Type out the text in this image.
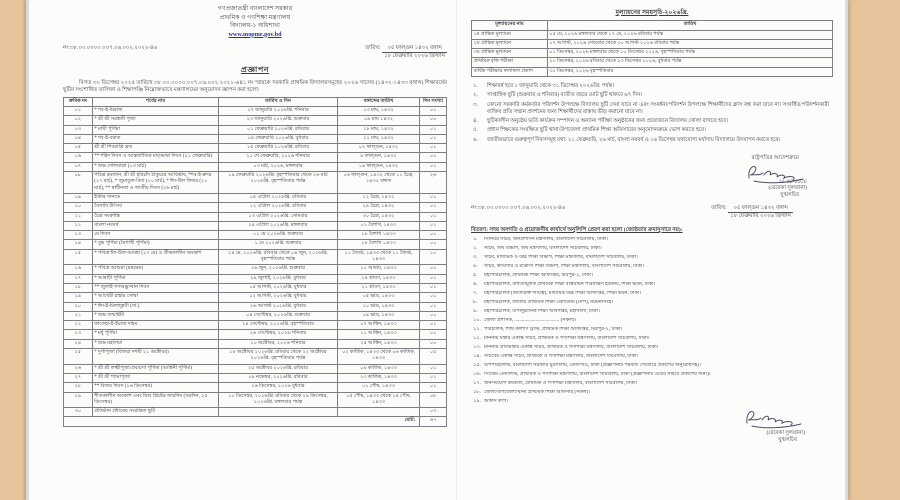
গণপ্রজাতন্ত্রী বাংলাদেশ সরকার
প্রাথমিক ও গণশিক্ষা মন্ত্রণালয়
বিদ্যালয়-১ অধিশাখা
www.mopme.gov.bd
নং:৩৮.০০.০০০০.০০৭.০৬.০০২.২০২২-৪৬	তারিখ: $\frac{\text{০৫ ফাল্গুন ১৪৩২ বঙ্গাব্দ}}{\text{১৮ ফেব্রুয়ারি ২০২৬ খ্রিস্টাব্দ}}$
প্রজ্ঞাপন
বিগত ৩০ ডিসেম্বর ২০২৫ তারিখে ৩৮.০০.০০০০.০০৭.০৬.০০২.২০২১-৬৪১ নং স্মারকে সরকারি প্রাথমিক বিদ্যালয়সমূহের ২০২৬ সালের (১৪৩২-১৪৩৩ বঙ্গাব্দ) শিক্ষাবর্ষের ছুটির সংশোধিত তালিকা ও শিক্ষাপঞ্জি নিম্নোক্তভাবে মন্ত্রণালয়ের অনুমোদন জ্ঞাপন করা হলো:
ক্রমিক নং	পর্বের নাম	তারিখ ও দিন	বঙ্গাব্দের তারিখ	দিন সংখ্যা
০১	* শব-ই-মিরাজ	১৭ জানুয়ারি ২০২৬খ্রি. শনিবার	০৩ মাঘ, ১৪৩২	০০
০২	* শ্রী শ্রী সরস্বতী পূজা	২৩ জানুয়ারি ২০২৬খ্রি. শুক্রবার	০৯ মাঘ ১৪৩২	০০
০৩	* মাঘী পূর্ণিমা	০১ ফেব্রুয়ারি ২০২৬খ্রি. রবিবার	১৮ মাঘ, ১৪৩২	০১
০৪	* শব-ই-বরাত	০৪ ফেব্রুয়ারি ২০২৬খ্রি. বুধবার	২২ মাঘ, ১৪৩২	০১
০৫	শ্রী শ্রী শিবরাত্রি ব্রত	১৫ ফেব্রুয়ারি ২০২৬খ্রি. রবিবার	০২ ফাল্গুন, ১৪৩২	০১
০৬	** শহিদ দিবস ও আন্তর্জাতিক মাতৃভাষা দিবস (২১ ফেব্রুয়ারি)	২১ শে ফেব্রুয়ারি, ২০২৬ শনিবার	৮ ফাল্গুন, ১৪৩২	০০
০৭	* শুভ দোলযাত্রা (০৩ মার্চ)	০৩ মার্চ, ২০২৬, মঙ্গলবার	১৯ ফাল্গুন, ১৪৩২	০১
০৮	পবিত্র রমজান, শ্রী শ্রী হরিচাঁদ ঠাকুরের আবির্ভাব, *শব-ই-ক্বদর (১৭ মার্চ), * জুমাতুল-বিদা (২০ মার্চ), * ঈদ-উল ফিতর (২১ মার্চ), ** স্বাধীনতা ও জাতীয় দিবস (২৬ মার্চ)	১৯ ফেব্রুয়ারি ২০২৬খ্রি. বৃহস্পতিবার থেকে ২৬ মার্চ ২০২৬খ্রি. বৃহস্পতিবার পর্যন্ত	০৬ ফাল্গুন, ১৪৩২ থেকে ১২ চৈত্র, ১৪৩২ বঙ্গাব্দ	২৬
০৯	ইস্টার সানডে	০৫ এপ্রিল ২০২৬খ্রি. রবিবার	২২ চৈত্র, ১৪৩২	০১
১০	বৈসাবি উৎসব	১২ এপ্রিল ২০২৬খ্রি. রবিবার	২৯ চৈত্র, ১৪৩২	০১
১১	চৈত্র সংক্রান্তি	১৩ এপ্রিল ২০২৬খ্রি. সোমবার	৩০ চৈত্র, ১৪৩২	০১
১২	বাংলা নববর্ষ	১৪ এপ্রিল ২০২৬খ্রি. মঙ্গলবার	০১ বৈশাখ, ১৪৩৩	০১
১৩	মে দিবস	০১ মে ২০২৬খ্রি. শুক্রবার	১৮ বৈশাখ ১৪৩৩	০০
১৪	* বুদ্ধ পূর্ণিমা (বৈশাখী পূর্ণিমা)	১ মে ২০২৬খ্রি. শুক্রবার	১৮ বৈশাখ ১৪৩৩	০০
১৫	* পবিত্র ঈদ-উল-আযহা (২৭ মে) ও গ্রীষ্মকালীন অবকাশ	২৪ মে, ২০২৬খ্রি. রবিবার থেকে ০৪ জুন, ২০২৬খ্রি. বৃহস্পতিবার পর্যন্ত	১০ জ্যৈষ্ঠ, ১৪৩৩ থেকে ২১ জ্যৈষ্ঠ, ১৪৩৩	১০
১৬	* পবিত্র আশুরা (মহররম)	২৬ জুন, ২০২৬খ্রি. শুক্রবার	১২ আষাঢ়, ১৪৩৩	০০
১৭	* আষাঢ়ী পূর্ণিমা	২৯ জুলাই, ২০২৬খ্রি. বুধবার	১৪ শ্রাবণ, ১৪৩৩	০১
১৮	** জুলাই গণঅভ্যুত্থান দিবস	০৫ আগস্ট, ২০২৬খ্রি. বুধবার	২১ শ্রাবণ, ১৪৩৩	০১
১৯	* আখেরী চাহার সোম্বা	১২ আগস্ট, ২০২৬খ্রি. বুধবার	০৫ ভাদ্র, ১৪৩৩	০১
২০	* ঈদ-ই-মিলাদুন্নবী (সা.)	২৬ আগস্ট ২০২৬খ্রি. বুধবার	১০ ভাদ্র, ১৪৩৩	০১
২১	* শুভ জন্মাষ্টমী	০৪ সেপ্টেম্বর, ২০২৬খ্রি. শুক্রবার	০৯ ভাদ্র, ১৪৩৩	০০
২২	ফাতেহা-ই-ইয়াজ দাহম	২৪ সেপ্টেম্বর, ২০২৬খ্রি. বৃহস্পতিবার	০৭ আশ্বিন, ১৪৩৩	০১
২৩	* মধু পূর্ণিমা	২৬ সেপ্টেম্বর, ২০২৬ শনিবার	১১ আশ্বিন, ১৪৩৩	০০
২৪	* শুভ মহালয়া	১০ অক্টোবর, ২০২৬ শনিবার	২৫ আশ্বিন, ১৪৩৩	০০
২৫	* দুর্গাপূজা (বিজয়া দশমী ২১ অক্টোবর)	১৮ অক্টোবর ২০২৬খ্রি. রবিবার থেকে ২২ অক্টোবর ২০২৬খ্রি. বৃহস্পতিবার পর্যন্ত	০২ কার্তিক, ১৪৩৩ থেকে ০৬ কার্তিক, ১৪৩৩	০৫
২৬	* শ্রী শ্রী লক্ষ্মীপূজা/প্রবারণা পূর্ণিমা (আশ্বিনী পূর্ণিমা)	২৫ অক্টোবর ২০২৬খ্রি. রবিবার	০৯ কার্তিক, ১৪৩৩	০১
২৭	* শ্রী শ্রী শ্যামাপূজা	০৮ নভেম্বর, ২০২৬খ্রি. রবিবার	২৩ কার্তিক, ১৪৩৩	০১
২৮	** বিজয় দিবস (১৬ ডিসেম্বর)	১৬ ডিসেম্বর, ২০২৬ বুধবার	০১ পৌষ, ১৪৩৩	০১
২৯	শীতকালীন অবকাশ এবং যিশু খ্রিষ্টের জন্মদিন (বড়দিন, ২৫ ডিসেম্বর)	২০ ডিসেম্বর, ২০২৬খ্রি. রবিবার থেকে ২৯ ডিসেম্বর, ২০২৬খ্রি. মঙ্গলবার পর্যন্ত	০৫ পৌষ, ১৪৩৩ থেকে ১৪ পৌষ, ১৪৩৩	০৮
৩০	প্রতিষ্ঠান প্রধানের সংরক্ষিত ছুটি			০৩
মোট:				৬৭
মূল্যায়নের সময়সূচি-২০২৬খ্রি.
মূল্যায়নের নাম	তারিখ
১ম প্রান্তিক মূল্যায়ন	০৫ মে, ২০২৬ মঙ্গলবার থেকে ১৭ মে, ২০২৬ রবিবার পর্যন্ত
২য় প্রান্তিক মূল্যায়ন	১৭ আগস্ট, ২০২৬ সোমবার থেকে ৩০ আগস্ট ২০২৬ রবিবার পর্যন্ত
৩য় প্রান্তিক মূল্যায়ন	০১ ডিসেম্বর, ২০২৬ মঙ্গলবার থেকে ১০ ডিসেম্বর ২০২৬, বৃহস্পতিবার পর্যন্ত
প্রাথমিক বৃত্তি পরীক্ষা	২০ ডিসেম্বর, ২০২৬ রবিবার থেকে ২৩ ডিসেম্বর ২০২৬, বুধবার পর্যন্ত
বার্ষিক পরীক্ষার ফলাফল প্রকাশ	৩১ ডিসেম্বর, ২০২৬ বৃহস্পতিবার
১.	শিক্ষাবর্ষ হবে ১ জানুয়ারি থেকে ৩১ ডিসেম্বর ২০২৬খ্রি: পর্যন্ত।
২.	সাপ্তাহিক ছুটি (শুক্রবার ও শনিবার) ব্যতীত বছরে মোট ছুটি থাকবে ৬৭ দিন।
৩.	কোনো সরকারি কর্মকর্তার পরিদর্শন উপলক্ষে বিদ্যালয় ছুটি দেয়া যাবে না এবং সংবর্ধনা/পরিদর্শন উপলক্ষে শিক্ষার্থীদের ক্লাস বন্ধ করা যাবে না। সংবর্ধিত/পরিদর্শনকারী ব্যক্তির প্রতি সম্মান প্রদর্শনের জন্য শিক্ষার্থীদের রাস্তায় ভীড় করানো যাবে না।
৪.	ছুটিকালীন অনুষ্ঠেয় ভর্তি কার্যক্রম সম্পাদন ও অন্যান্য পরীক্ষা অনুষ্ঠানের জন্য প্রয়োজনে বিদ্যালয় খোলা রাখতে হবে।
৫.	প্রধান শিক্ষকের সংরক্ষিত ছুটি থানা/উপজেলা প্রাথমিক শিক্ষা অফিসারের অনুমোদনক্রমে ভোগ করতে হবে।
৬.	জাতীয়ভাবে গুরুত্বপূর্ণ দিবসসমূহ যথা: ২১ ফেব্রুয়ারি, ২৬ মার্চ, বাংলা নববর্ষ ও ১৬ ডিসেম্বর যথাযোগ্য মর্যাদায় বিদ্যালয়ে উদযাপন করতে হবে।
রাষ্ট্রপতির আদেশক্রমে
21-02-2026
(রেবেকা সুলতানা)
যুগ্মসচিব
নং:৩৮.০০.০০০০.০০৭.০৬.০০২.২০২২-৪৬	তারিখ: $\frac{\text{০৫ ফাল্গুন ১৪৩২ বঙ্গাব্দ}}{\text{১৮ ফেব্রুয়ারি ২০২৬ খ্রিস্টাব্দ}}$
বিতরণ: সদয় অবগতি ও প্রয়োজনীয় কার্যার্থে অনুলিপি প্রেরণ করা হলো (জ্যেষ্ঠতার ক্রমানুসারে নয়):
১.	সিনিয়র সচিব, জনপ্রশাসন মন্ত্রণালয়, বাংলাদেশ সচিবালয়, ঢাকা।
২.	সচিব, অর্থ বিভাগ, অর্থ মন্ত্রণালয়, বাংলাদেশ সচিবালয়, ঢাকা।
৩.	সচিব, মাধ্যমিক ও উচ্চ শিক্ষা বিভাগ, শিক্ষা মন্ত্রণালয়, বাংলাদেশ সচিবালয়, ঢাকা।
৪.	সচিব, কারিগরি ও মাদ্রাসা শিক্ষা বিভাগ, শিক্ষা মন্ত্রণালয়, বাংলাদেশ সচিবালয়, ঢাকা।
৫.	মহাপরিচালক, প্রাথমিক শিক্ষা অধিদপ্তর, মিরপুর-২, ঢাকা।
৬.	মহাপরিচালক, বাধ্যতামূলক প্রাথমিক শিক্ষা বাস্তবায়ন পরিবীক্ষণ ইউনিট, শিক্ষা ভবন, ঢাকা।
৭.	মহাপরিচালক (অতিরিক্ত দায়িত্ব), মাধ্যমিক উচ্চ শিক্ষা অধিদপ্তর, শিক্ষা ভবন, ঢাকা।
৮.	মহাপরিচালক, জাতীয় প্রাথমিক শিক্ষা একাডেমি (নেপ), ময়মনসিংহ।
৯.	মহাপরিচালক, উপানুষ্ঠানিক শিক্ষা অধিদপ্তর, মহাখালী, ঢাকা।
১০. জেলা প্রশাসক, .................................... (সকল)।
১১. পরিচালক, শিশু কল্যাণ ট্রাস্ট, প্রাথমিক শিক্ষা অধিদপ্তর, মিরপুর-২, ঢাকা।
১২. মাননীয় মন্ত্রীর একান্ত সচিব, প্রাথমিক ও গণশিক্ষা মন্ত্রণালয়, বাংলাদেশ সচিবালয়, ঢাকা।
১৩. মাননীয় প্রতিমন্ত্রীর একান্ত সচিব, প্রাথমিক ও গণশিক্ষা মন্ত্রণালয়, বাংলাদেশ সচিবালয়, ঢাকা।
১৪. সচিবের একান্ত সচিব, প্রাথমিক ও গণশিক্ষা মন্ত্রণালয়, বাংলাদেশ সচিবালয়, ঢাকা।
১৫. উপপরিচালক, বাংলাদেশ সরকারি মুদ্রণালয়, তেজগাঁও, ঢাকা (প্রজ্ঞাপনটি পরবর্তী গেজেটে প্রকাশের অনুরোধসহ)।
১৬. সিস্টেম এনালিস্ট, প্রাথমিক ও গণশিক্ষা মন্ত্রণালয়, বাংলাদেশ সচিবালয়, ঢাকা (প্রজ্ঞাপনটি ওয়েব সাইটে প্রকাশের জন্য)।
১৭. জনসংযোগ কর্মকর্তা, প্রাথমিক ও গণশিক্ষা মন্ত্রণালয়, বাংলাদেশ সচিবালয়, ঢাকা।
১৮. জেলা/উপজেলা/থানা প্রাথমিক শিক্ষা অফিসার (সকল)।
১৯. অফিস কপি।
(রেবেকা সুলতানা)
যুগ্মসচিব
